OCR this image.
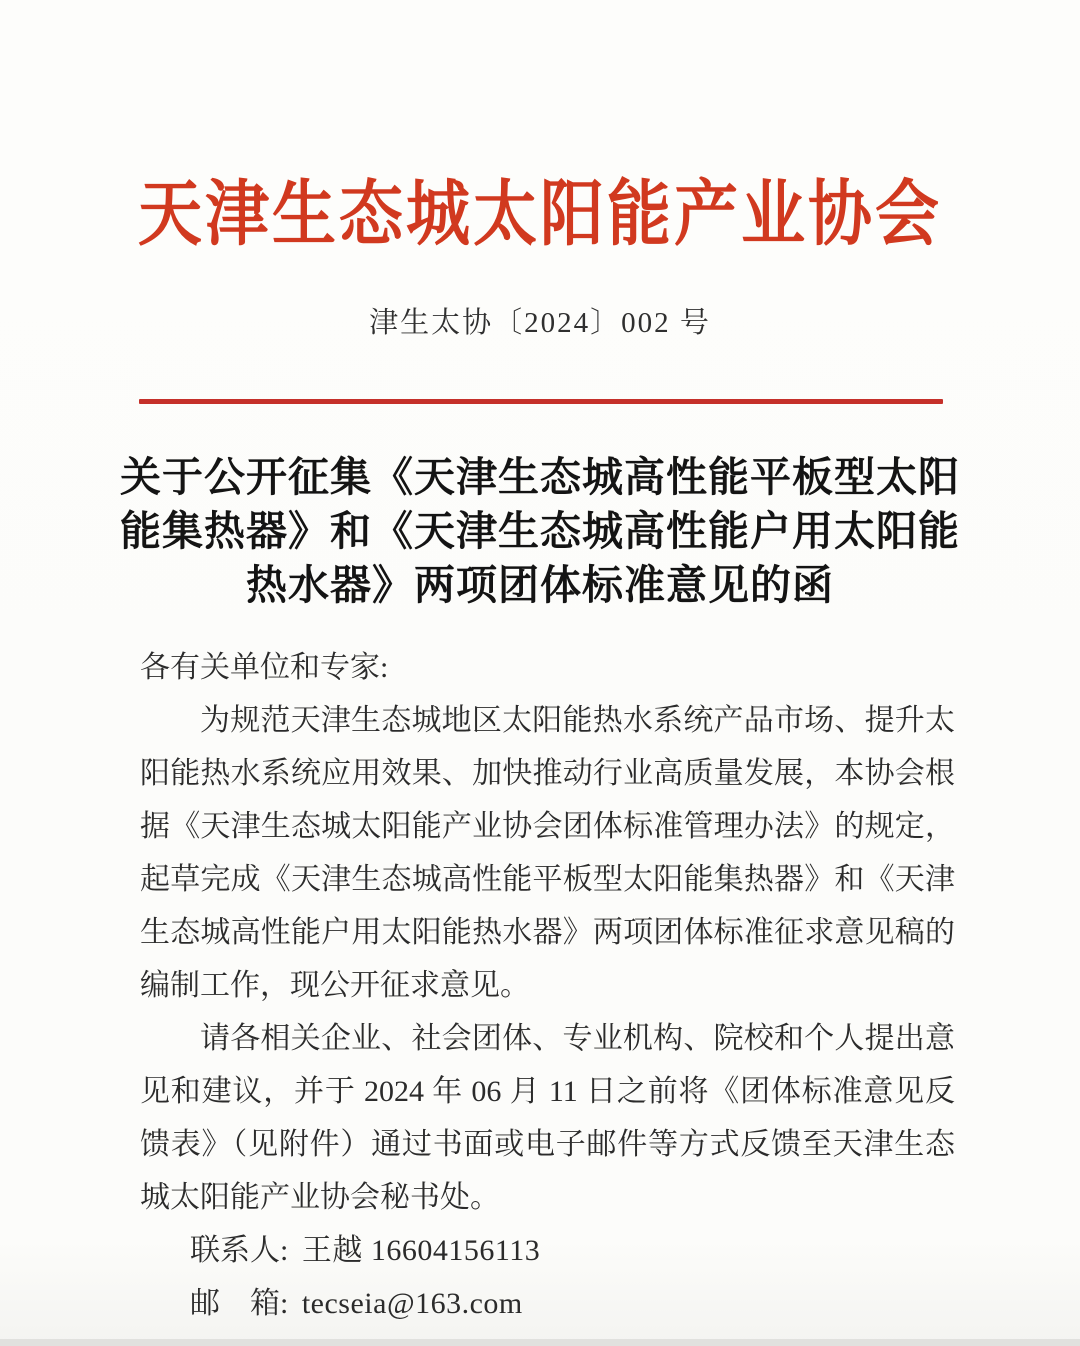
天津生态城太阳能产业协会
津生太协〔2024〕002 号
关于公开征集《天津生态城高性能平板型太阳
能集热器》和《天津生态城高性能户用太阳能
热水器》两项团体标准意见的函

各有关单位和专家:

为规范天津生态城地区太阳能热水系统产品市场、提升太阳能热水系统应用效果、加快推动行业高质量发展，本协会根据《天津生态城太阳能产业协会团体标准管理办法》的规定，起草完成《天津生态城高性能平板型太阳能集热器》和《天津生态城高性能户用太阳能热水器》两项团体标准征求意见稿的编制工作，现公开征求意见。

请各相关企业、社会团体、专业机构、院校和个人提出意见和建议，并于 2024 年 06 月 11 日之前将《团体标准意见反馈表》（见附件）通过书面或电子邮件等方式反馈至天津生态城太阳能产业协会秘书处。

联系人: 王越 16604156113

邮　箱: tecseia@163.com
